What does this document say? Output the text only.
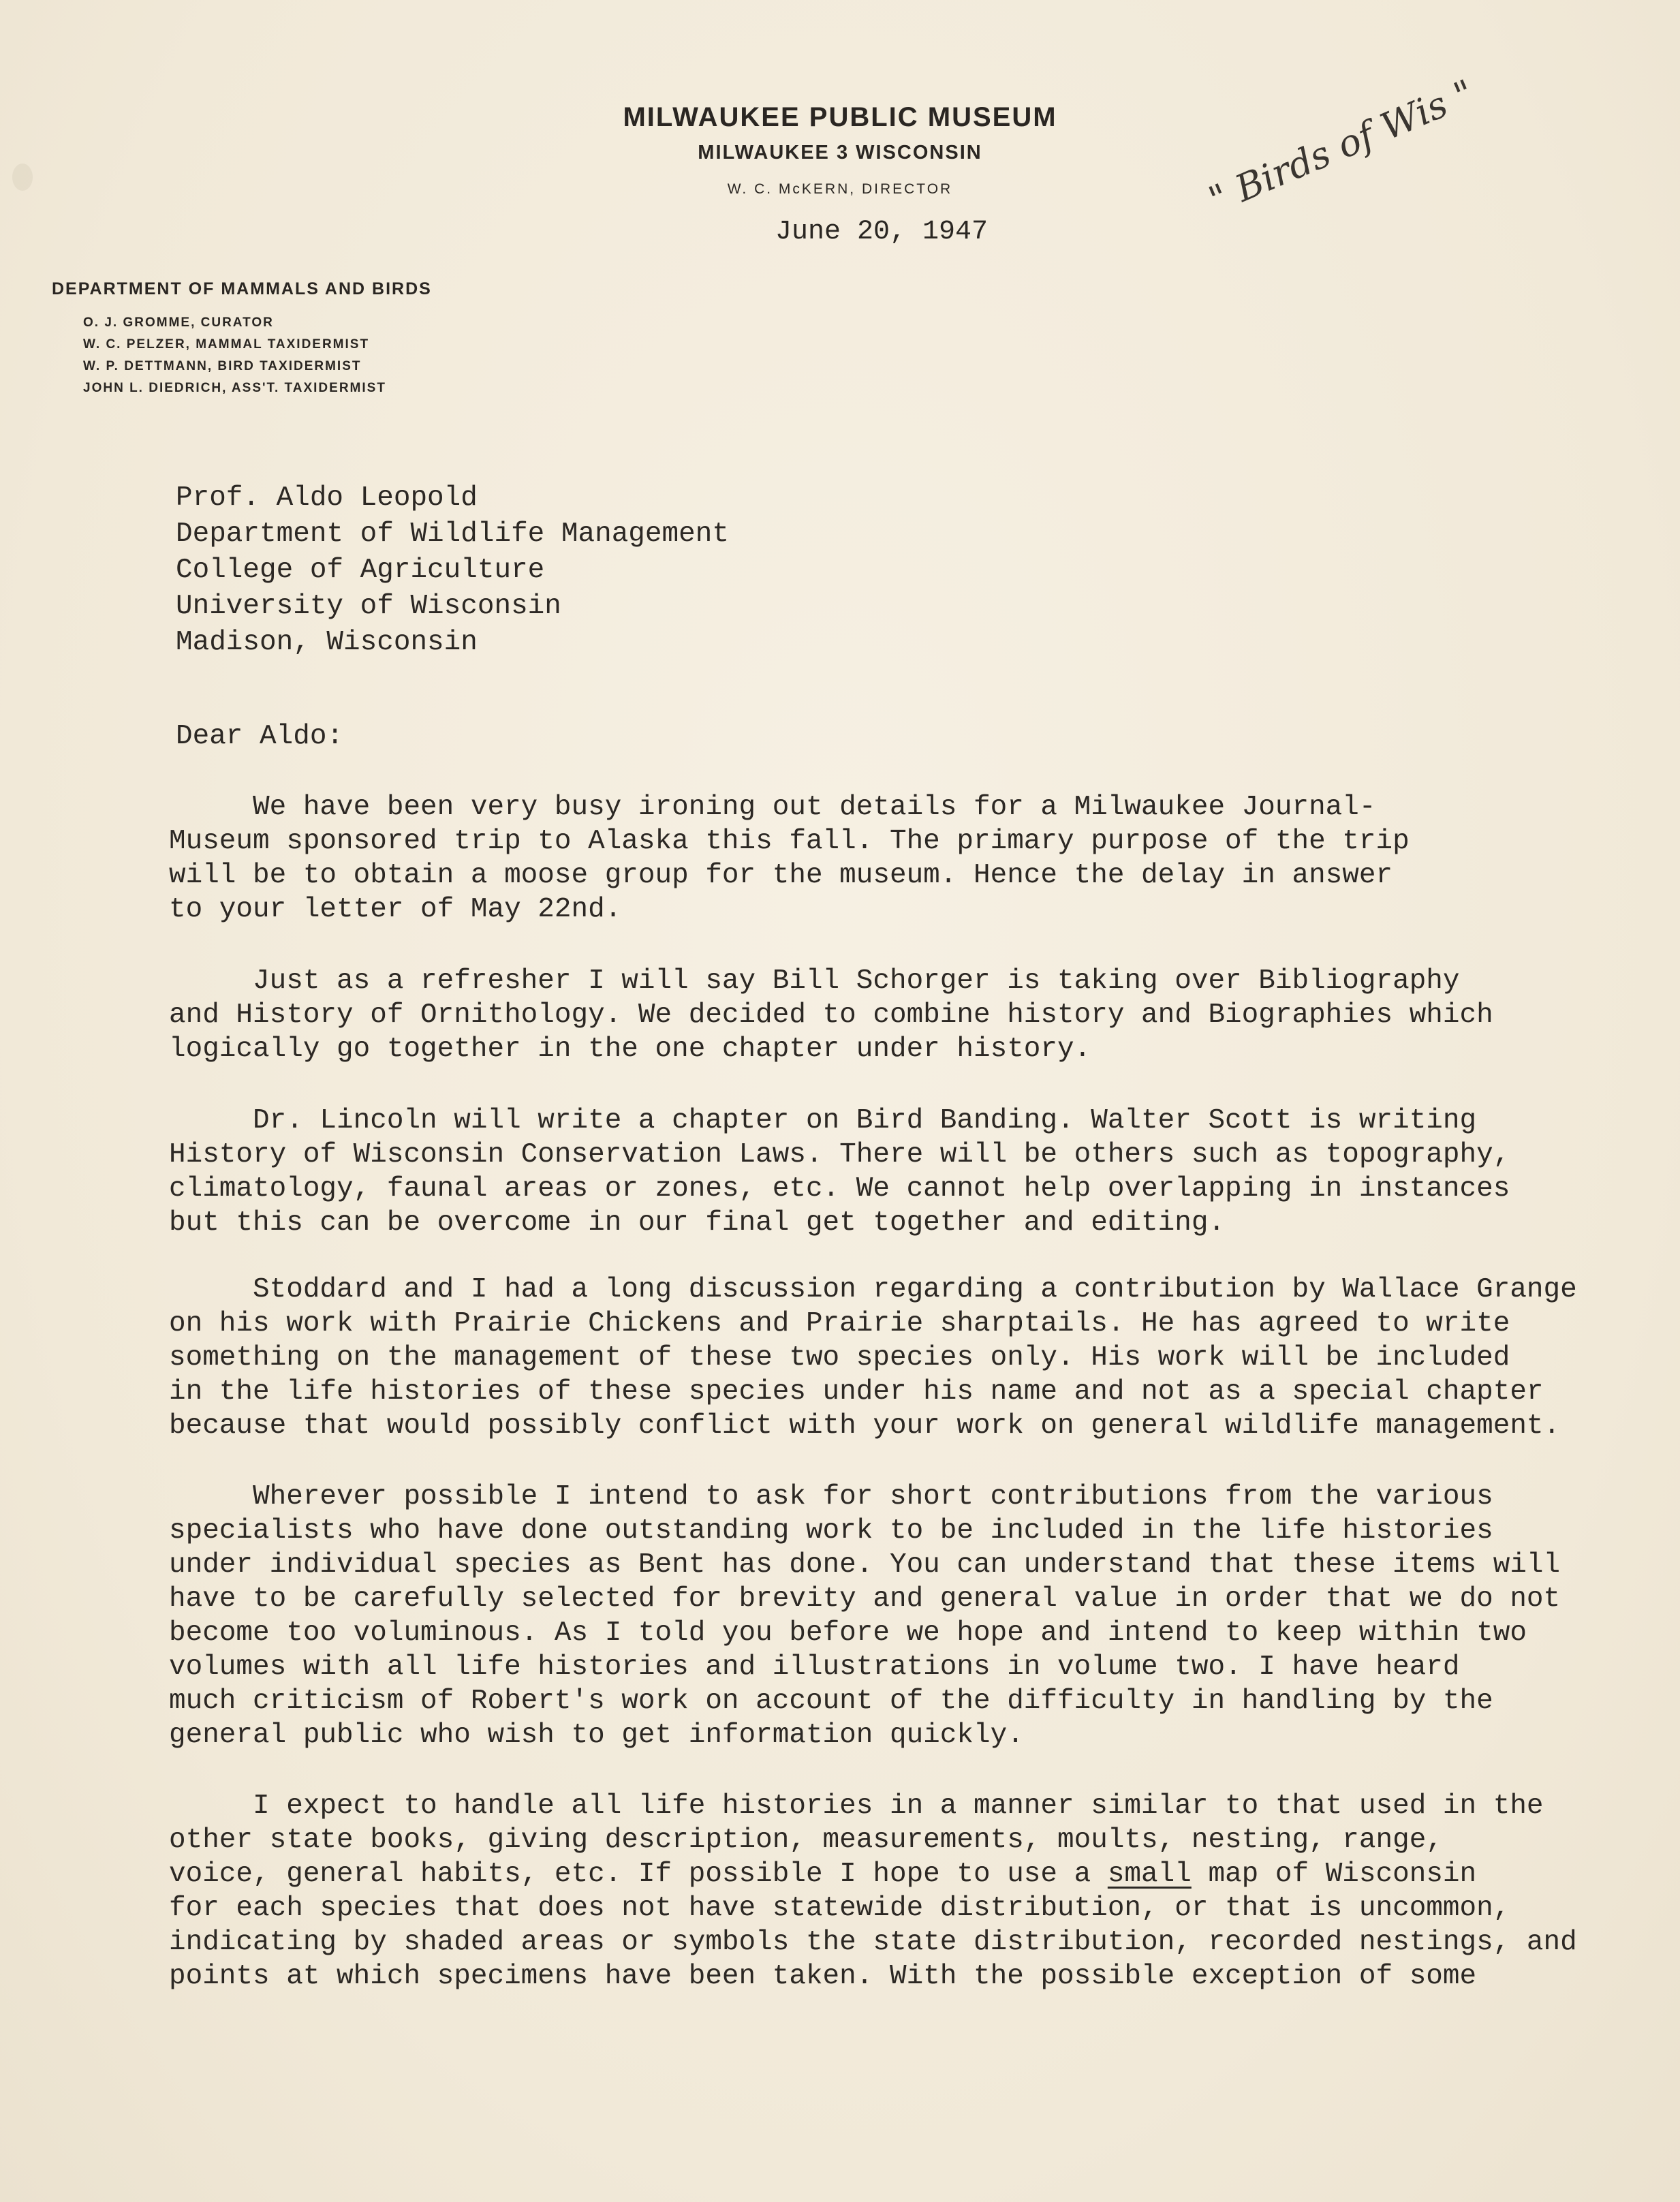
MILWAUKEE PUBLIC MUSEUM
MILWAUKEE 3 WISCONSIN
W. C. McKERN, DIRECTOR
June 20, 1947
" Birds of Wis "
DEPARTMENT OF MAMMALS AND BIRDS
O. J. GROMME, CURATOR
W. C. PELZER, MAMMAL TAXIDERMIST
W. P. DETTMANN, BIRD TAXIDERMIST
JOHN L. DIEDRICH, ASS'T. TAXIDERMIST
Prof. Aldo Leopold
Department of Wildlife Management
College of Agriculture
University of Wisconsin
Madison, Wisconsin
Dear Aldo:
We have been very busy ironing out details for a Milwaukee Journal-
Museum sponsored trip to Alaska this fall. The primary purpose of the trip
will be to obtain a moose group for the museum. Hence the delay in answer
to your letter of May 22nd.
Just as a refresher I will say Bill Schorger is taking over Bibliography
and History of Ornithology. We decided to combine history and Biographies which
logically go together in the one chapter under history.
Dr. Lincoln will write a chapter on Bird Banding. Walter Scott is writing
History of Wisconsin Conservation Laws. There will be others such as topography,
climatology, faunal areas or zones, etc. We cannot help overlapping in instances
but this can be overcome in our final get together and editing.
Stoddard and I had a long discussion regarding a contribution by Wallace Grange
on his work with Prairie Chickens and Prairie sharptails. He has agreed to write
something on the management of these two species only. His work will be included
in the life histories of these species under his name and not as a special chapter
because that would possibly conflict with your work on general wildlife management.
Wherever possible I intend to ask for short contributions from the various
specialists who have done outstanding work to be included in the life histories
under individual species as Bent has done. You can understand that these items will
have to be carefully selected for brevity and general value in order that we do not
become too voluminous. As I told you before we hope and intend to keep within two
volumes with all life histories and illustrations in volume two. I have heard
much criticism of Robert's work on account of the difficulty in handling by the
general public who wish to get information quickly.
I expect to handle all life histories in a manner similar to that used in the
other state books, giving description, measurements, moults, nesting, range,
voice, general habits, etc. If possible I hope to use a small map of Wisconsin
for each species that does not have statewide distribution, or that is uncommon,
indicating by shaded areas or symbols the state distribution, recorded nestings, and
points at which specimens have been taken. With the possible exception of some
